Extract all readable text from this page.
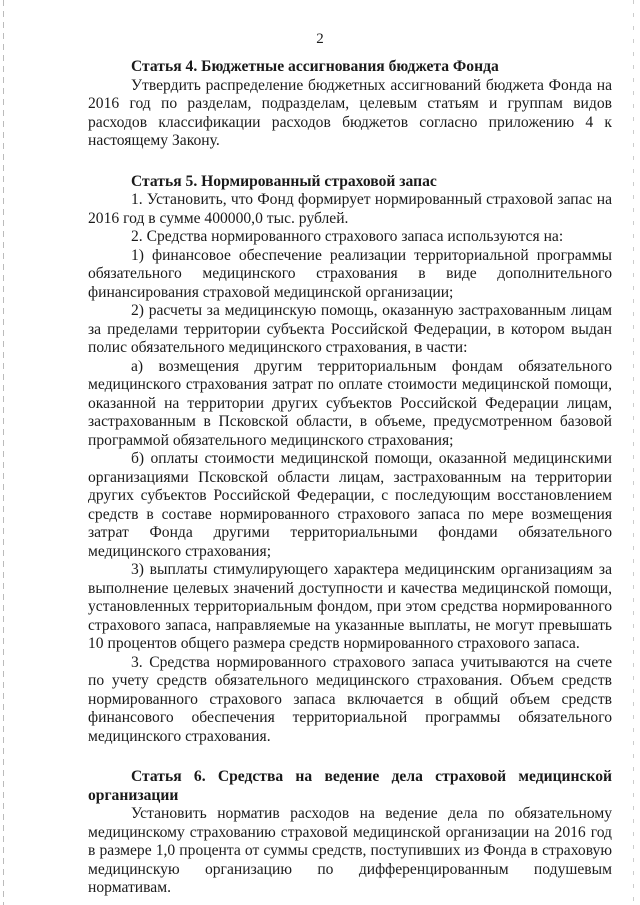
2
Статья 4. Бюджетные ассигнования бюджета Фонда

Утвердить распределение бюджетных ассигнований бюджета Фонда на 2016 год по разделам, подразделам, целевым статьям и группам видов расходов классификации расходов бюджетов согласно приложению 4 к настоящему Закону.

Статья 5. Нормированный страховой запас

1. Установить, что Фонд формирует нормированный страховой запас на 2016 год в сумме 400000,0 тыс. рублей.

2. Средства нормированного страхового запаса используются на:

1) финансовое обеспечение реализации территориальной программы обязательного медицинского страхования в виде дополнительного финансирования страховой медицинской организации;

2) расчеты за медицинскую помощь, оказанную застрахованным лицам за пределами территории субъекта Российской Федерации, в котором выдан полис обязательного медицинского страхования, в части:

а) возмещения другим территориальным фондам обязательного медицинского страхования затрат по оплате стоимости медицинской помощи, оказанной на территории других субъектов Российской Федерации лицам, застрахованным в Псковской области, в объеме, предусмотренном базовой программой обязательного медицинского страхования;

б) оплаты стоимости медицинской помощи, оказанной медицинскими организациями Псковской области лицам, застрахованным на территории других субъектов Российской Федерации, с последующим восстановлением средств в составе нормированного страхового запаса по мере возмещения затрат Фонда другими территориальными фондами обязательного медицинского страхования;

3) выплаты стимулирующего характера медицинским организациям за выполнение целевых значений доступности и качества медицинской помощи, установленных территориальным фондом, при этом средства нормированного страхового запаса, направляемые на указанные выплаты, не могут превышать 10 процентов общего размера средств нормированного страхового запаса.

3. Средства нормированного страхового запаса учитываются на счете по учету средств обязательного медицинского страхования. Объем средств нормированного страхового запаса включается в общий объем средств финансового обеспечения территориальной программы обязательного медицинского страхования.

Статья 6. Средства на ведение дела страховой медицинской организации

Установить норматив расходов на ведение дела по обязательному медицинскому страхованию страховой медицинской организации на 2016 год в размере 1,0 процента от суммы средств, поступивших из Фонда в страховую медицинскую организацию по дифференцированным подушевым нормативам.
